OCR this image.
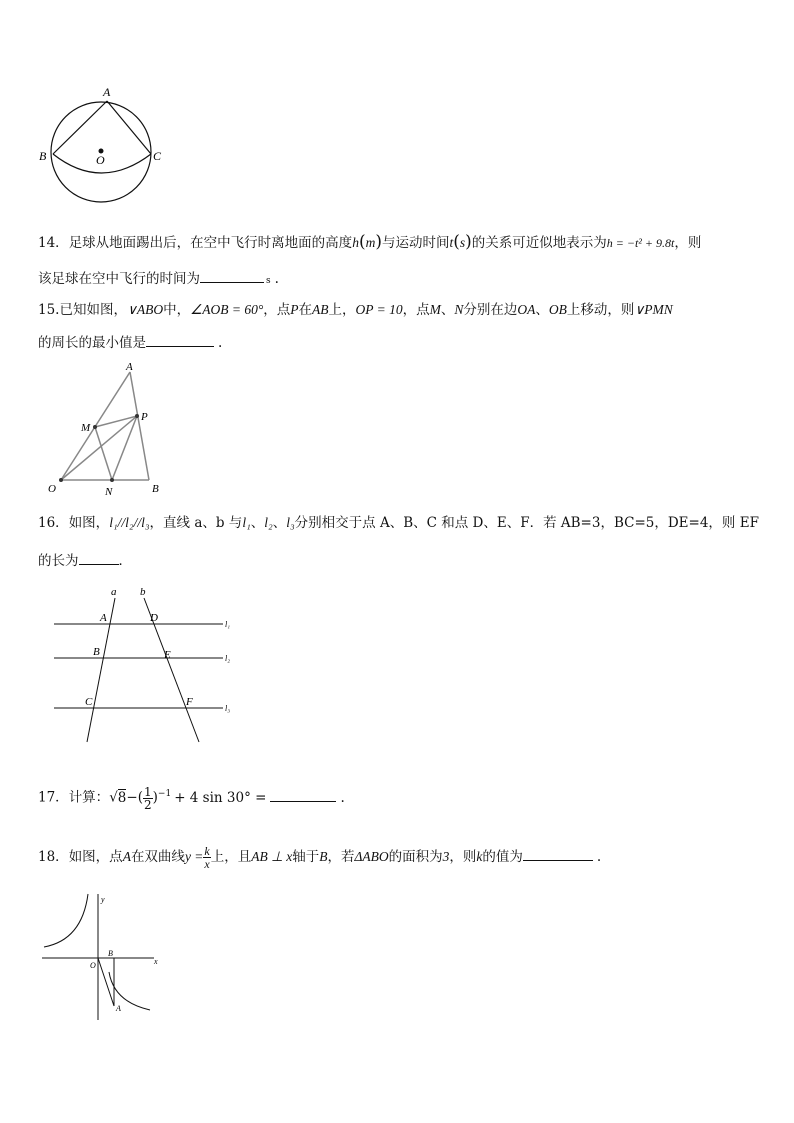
A
B	C
O
14．足球从地面踢出后，在空中飞行时离地面的高度h(m)与运动时间t(s)的关系可近似地表示为h = −t² + 9.8t，则
该足球在空中飞行的时间为	s .
15.已知如图，∨ABO中，∠AOB = 60°，点P在AB上，OP = 10，点M、N分别在边OA、OB上移动，则∨PMN
的周长的最小值是	.
A
P
M
O	N	B
16．如图，l₁//l₂//l₃，直线 a、b 与l₁、l₂、l₃分别相交于点 A、B、C 和点 D、E、F．若 AB=3，BC=5，DE=4，则 EF
的长为	．
a b
A	D
B	E
C	F
l₁
l₂
l₃
17．计算：$√8-( \frac{1}{2} )^{-1} + 4$ sin 30° =	.
18．如图，点A在双曲线$y = \frac{k}{x}$ 上，且AB ⊥ x轴于B，若ΔABO的面积为3，则k的值为	.
y
x
O
B
A
